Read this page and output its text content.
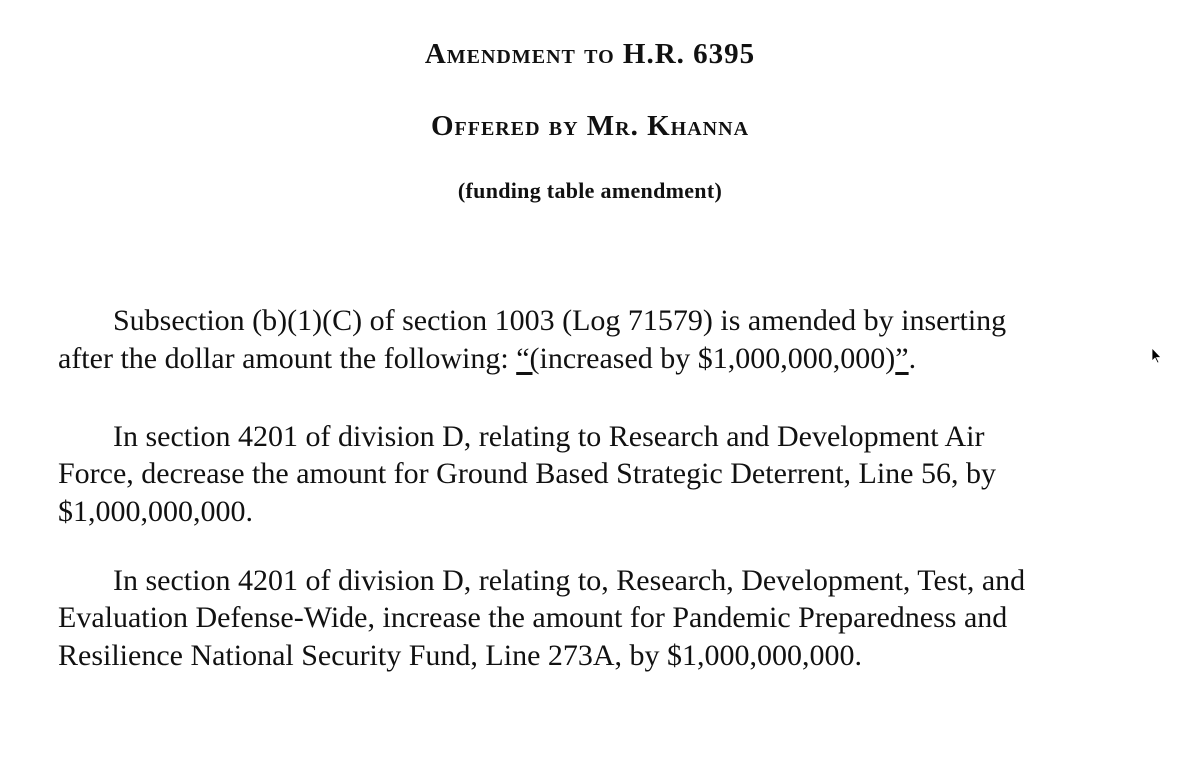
Amendment to H.R. 6395
Offered by Mr. Khanna
(funding table amendment)
Subsection (b)(1)(C) of section 1003 (Log 71579) is amended by inserting
after the dollar amount the following: “(increased by $1,000,000,000)”.
In section 4201 of division D, relating to Research and Development Air
Force, decrease the amount for Ground Based Strategic Deterrent, Line 56, by
$1,000,000,000.
In section 4201 of division D, relating to, Research, Development, Test, and
Evaluation Defense-Wide, increase the amount for Pandemic Preparedness and
Resilience National Security Fund, Line 273A, by $1,000,000,000.
